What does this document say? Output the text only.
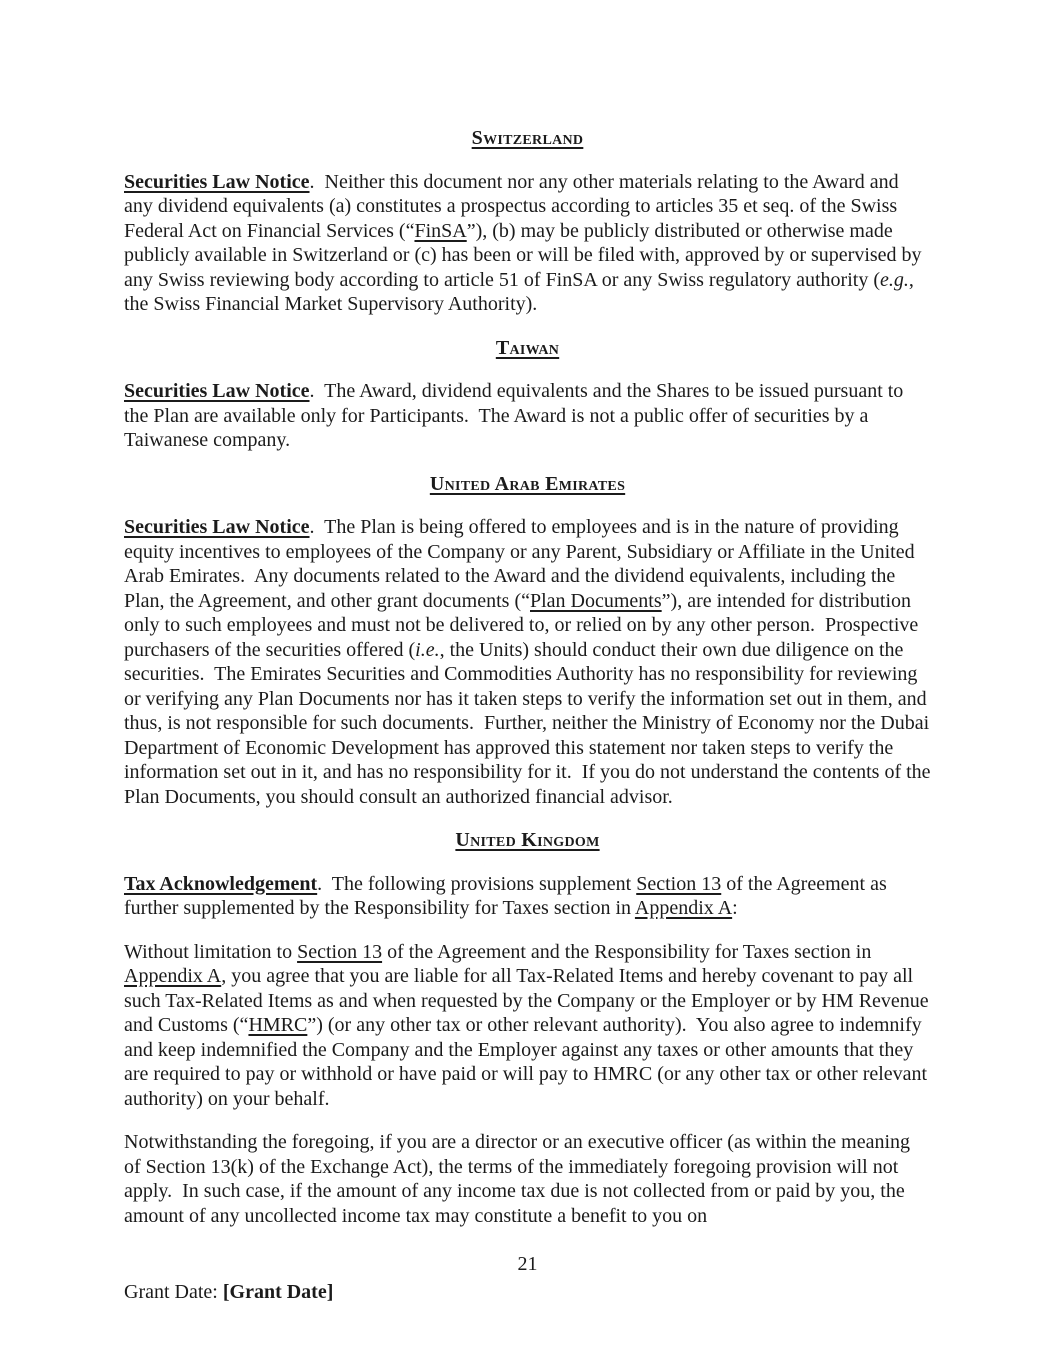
Switzerland

Securities Law Notice.  Neither this document nor any other materials relating to the Award and any dividend equivalents (a) constitutes a prospectus according to articles 35 et seq. of the Swiss Federal Act on Financial Services (“FinSA”), (b) may be publicly distributed or otherwise made publicly available in Switzerland or (c) has been or will be filed with, approved by or supervised by any Swiss reviewing body according to article 51 of FinSA or any Swiss regulatory authority (e.g., the Swiss Financial Market Supervisory Authority).

Taiwan

Securities Law Notice.  The Award, dividend equivalents and the Shares to be issued pursuant to the Plan are available only for Participants.  The Award is not a public offer of securities by a Taiwanese company.

United Arab Emirates

Securities Law Notice.  The Plan is being offered to employees and is in the nature of providing equity incentives to employees of the Company or any Parent, Subsidiary or Affiliate in the United Arab Emirates.  Any documents related to the Award and the dividend equivalents, including the Plan, the Agreement, and other grant documents (“Plan Documents”), are intended for distribution only to such employees and must not be delivered to, or relied on by any other person.  Prospective purchasers of the securities offered (i.e., the Units) should conduct their own due diligence on the securities.  The Emirates Securities and Commodities Authority has no responsibility for reviewing or verifying any Plan Documents nor has it taken steps to verify the information set out in them, and thus, is not responsible for such documents.  Further, neither the Ministry of Economy nor the Dubai Department of Economic Development has approved this statement nor taken steps to verify the information set out in it, and has no responsibility for it.  If you do not understand the contents of the Plan Documents, you should consult an authorized financial advisor.

United Kingdom

Tax Acknowledgement.  The following provisions supplement Section 13 of the Agreement as further supplemented by the Responsibility for Taxes section in Appendix A:

Without limitation to Section 13 of the Agreement and the Responsibility for Taxes section in Appendix A, you agree that you are liable for all Tax-Related Items and hereby covenant to pay all such Tax-Related Items as and when requested by the Company or the Employer or by HM Revenue and Customs (“HMRC”) (or any other tax or other relevant authority).  You also agree to indemnify and keep indemnified the Company and the Employer against any taxes or other amounts that they are required to pay or withhold or have paid or will pay to HMRC (or any other tax or other relevant authority) on your behalf.

Notwithstanding the foregoing, if you are a director or an executive officer (as within the meaning of Section 13(k) of the Exchange Act), the terms of the immediately foregoing provision will not apply.  In such case, if the amount of any income tax due is not collected from or paid by you, the amount of any uncollected income tax may constitute a benefit to you on

21
Grant Date: [Grant Date]
